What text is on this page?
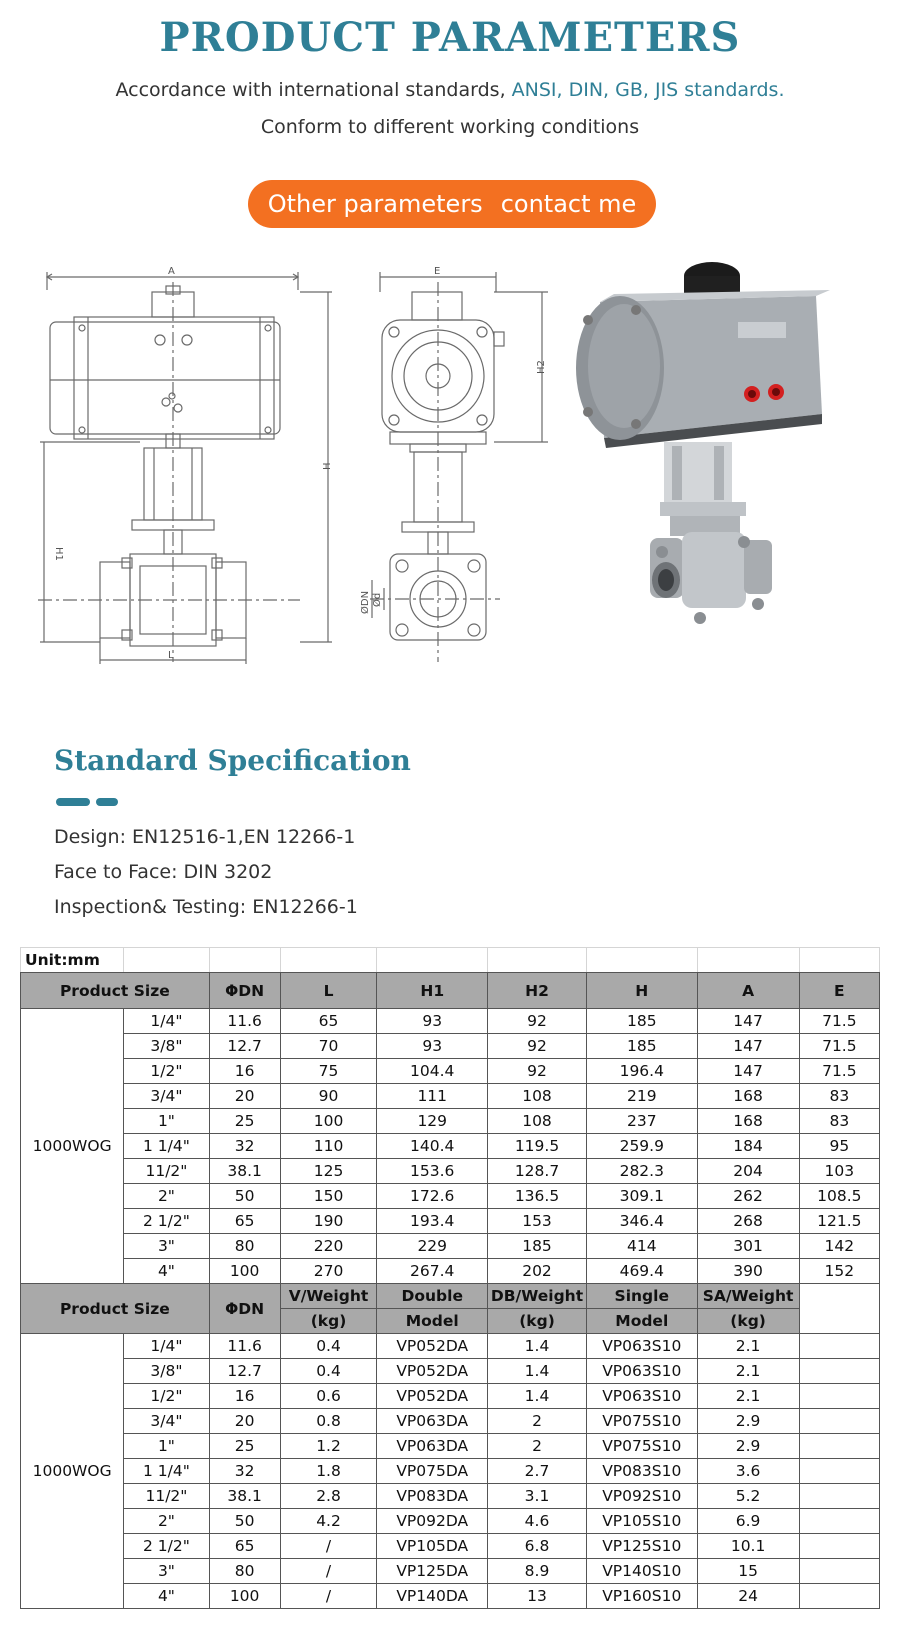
PRODUCT PARAMETERS
Accordance with international standards, ANSI, DIN, GB, JIS standards.
Conform to different working conditions
Other parameters contact me
A	E
H
H1
H2
L
ØDN Ød
Standard Specification
Design: EN12516-1,EN 12266-1
Face to Face: DIN 3202
Inspection& Testing: EN12266-1
Unit:mm								
Product Size		ΦDN	L	H1	H2	H	A	E
1000WOG	1/4"	11.6	65	93	92	185	147	71.5
	3/8"	12.7	70	93	92	185	147	71.5
	1/2"	16	75	104.4	92	196.4	147	71.5
	3/4"	20	90	111	108	219	168	83
	1"	25	100	129	108	237	168	83
	1 1/4"	32	110	140.4	119.5	259.9	184	95
	11/2"	38.1	125	153.6	128.7	282.3	204	103
	2"	50	150	172.6	136.5	309.1	262	108.5
	2 1/2"	65	190	193.4	153	346.4	268	121.5
	3"	80	220	229	185	414	301	142
	4"	100	270	267.4	202	469.4	390	152
Product Size		ΦDN	V/Weight	Double	DB/Weight	Single	SA/Weight	
			(kg)	Model	(kg)	Model	(kg)	
1000WOG	1/4"	11.6	0.4	VP052DA	1.4	VP063S10	2.1	
	3/8"	12.7	0.4	VP052DA	1.4	VP063S10	2.1	
	1/2"	16	0.6	VP052DA	1.4	VP063S10	2.1	
	3/4"	20	0.8	VP063DA	2	VP075S10	2.9	
	1"	25	1.2	VP063DA	2	VP075S10	2.9	
	1 1/4"	32	1.8	VP075DA	2.7	VP083S10	3.6	
	11/2"	38.1	2.8	VP083DA	3.1	VP092S10	5.2	
	2"	50	4.2	VP092DA	4.6	VP105S10	6.9	
	2 1/2"	65	/	VP105DA	6.8	VP125S10	10.1	
	3"	80	/	VP125DA	8.9	VP140S10	15	
	4"	100	/	VP140DA	13	VP160S10	24	
